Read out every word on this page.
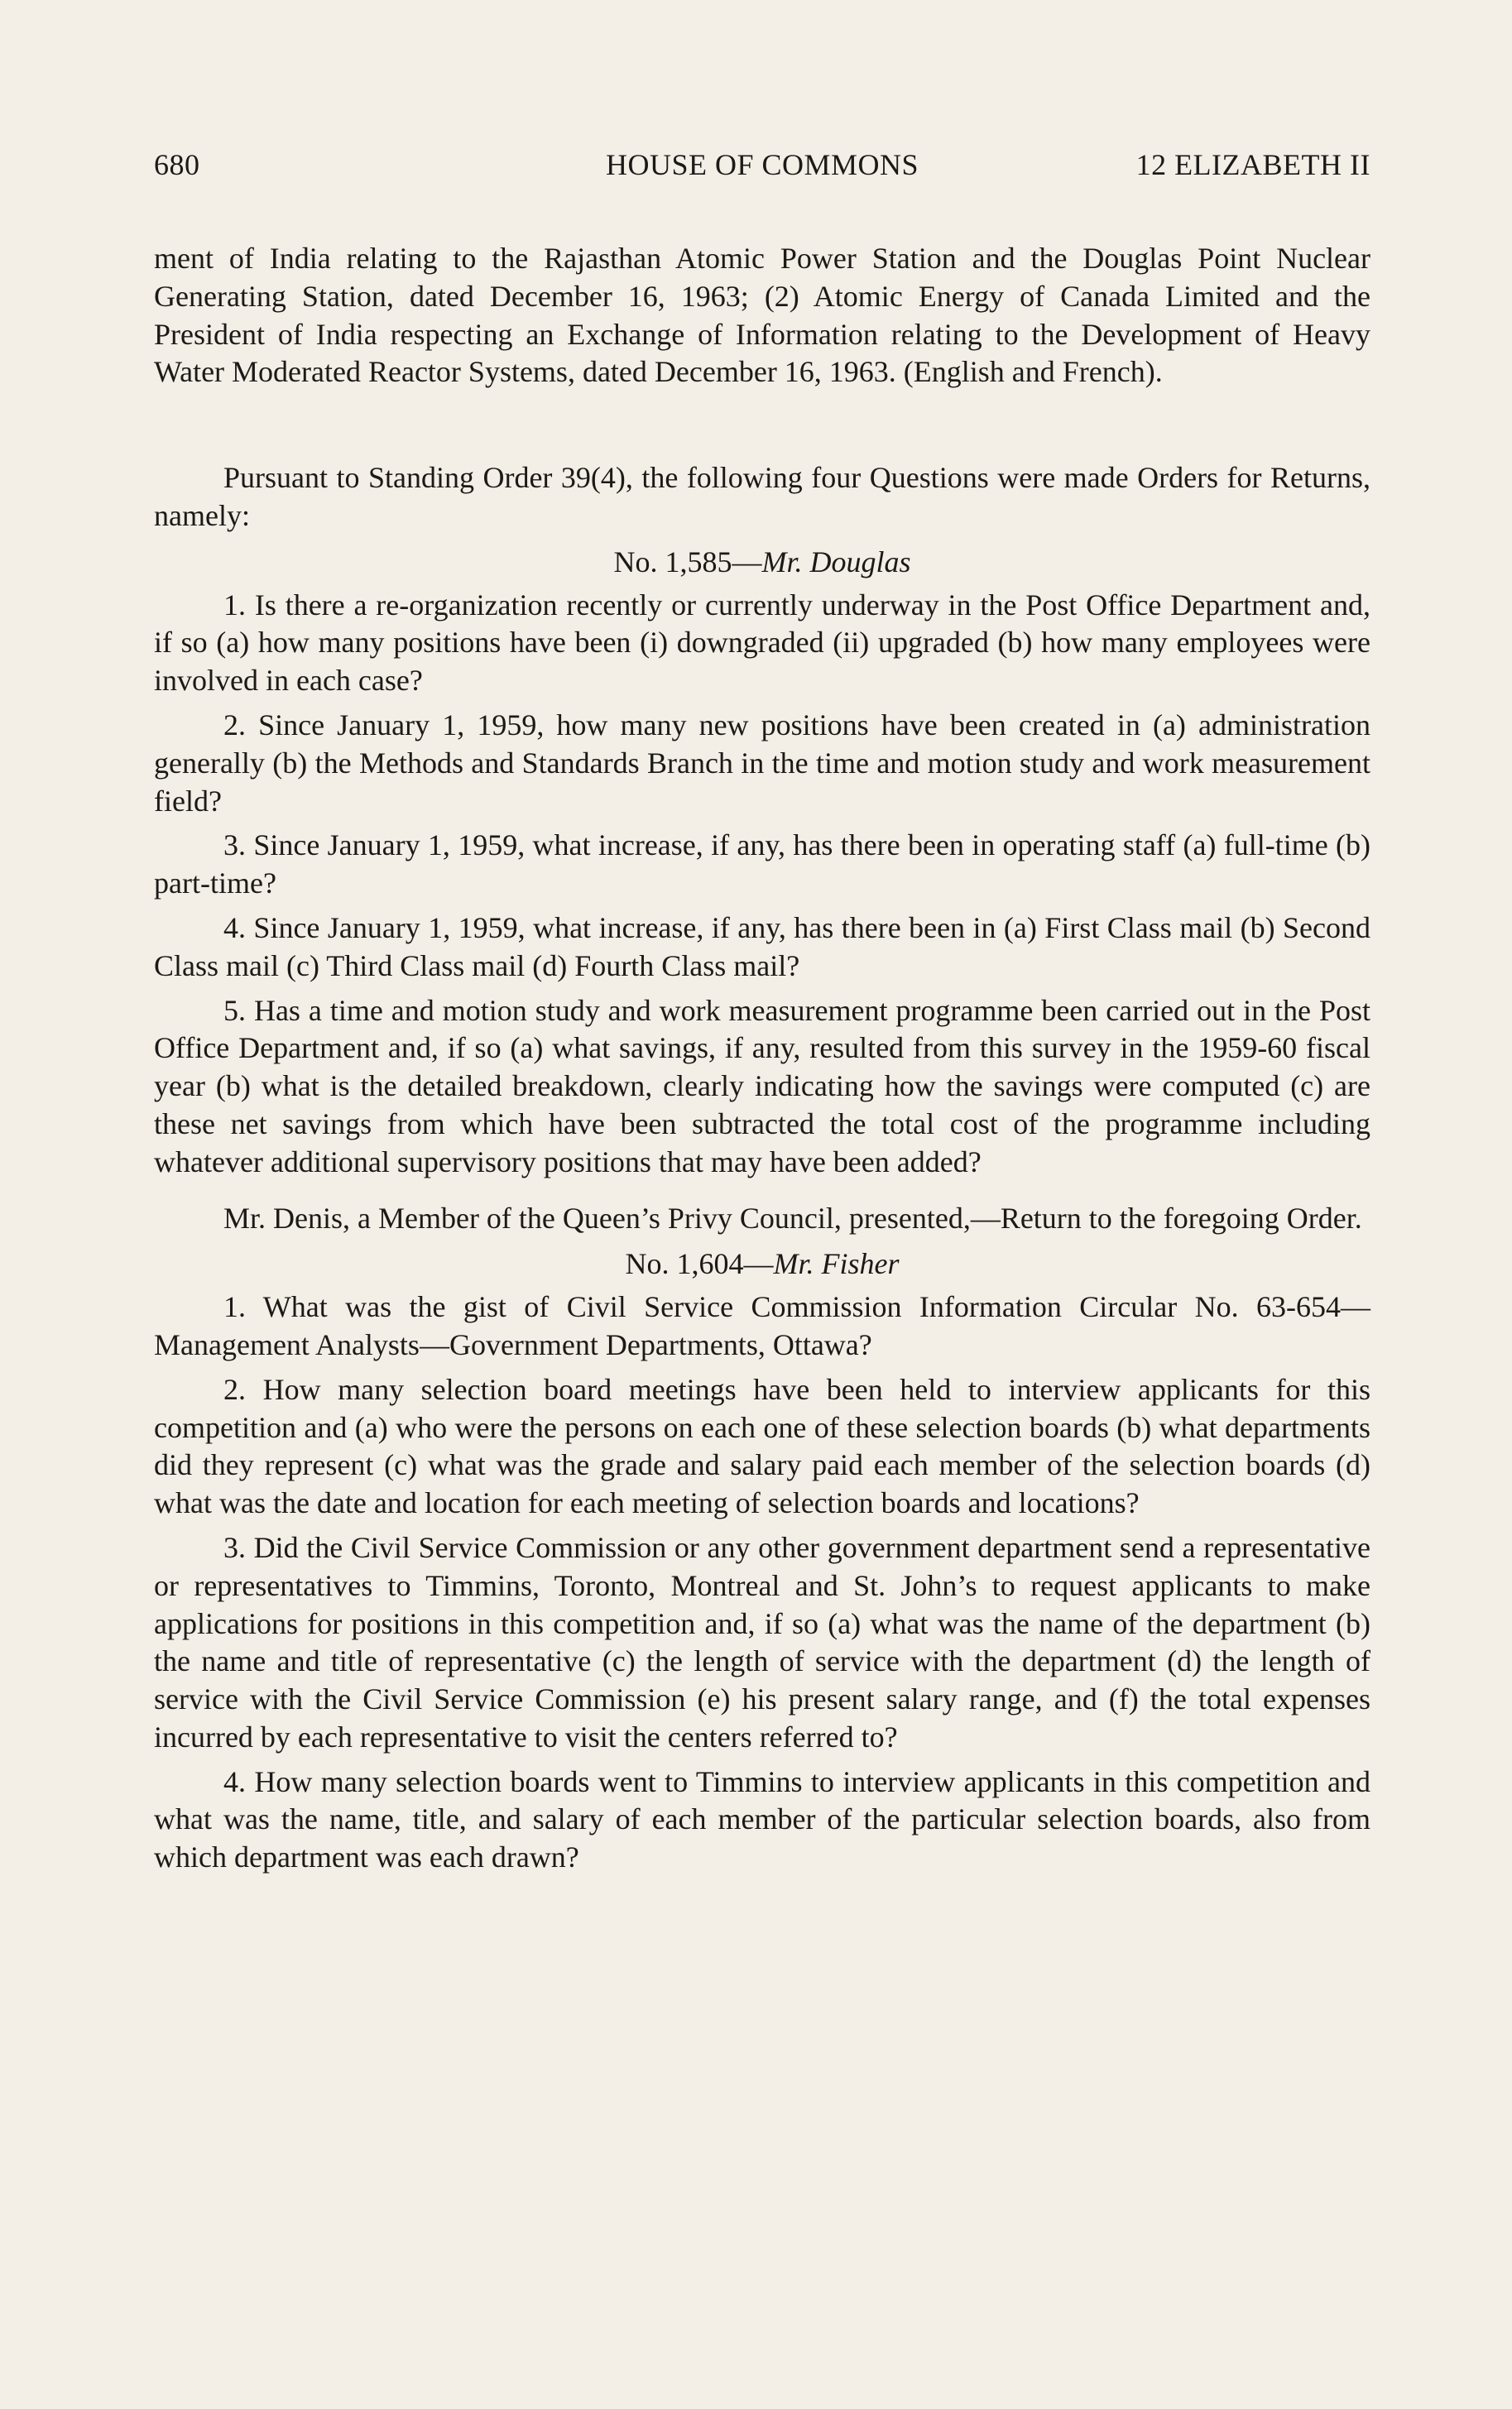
680	HOUSE OF COMMONS	12 ELIZABETH II

ment of India relating to the Rajasthan Atomic Power Station and the Douglas Point Nuclear Generating Station, dated December 16, 1963; (2) Atomic Energy of Canada Limited and the President of India respecting an Exchange of Information relating to the Development of Heavy Water Moderated Reactor Systems, dated December 16, 1963. (English and French).

Pursuant to Standing Order 39(4), the following four Questions were made Orders for Returns, namely:

No. 1,585—Mr. Douglas

1. Is there a re-organization recently or currently underway in the Post Office Department and, if so (a) how many positions have been (i) downgraded (ii) upgraded (b) how many employees were involved in each case?

2. Since January 1, 1959, how many new positions have been created in (a) administration generally (b) the Methods and Standards Branch in the time and motion study and work measurement field?

3. Since January 1, 1959, what increase, if any, has there been in operating staff (a) full-time (b) part-time?

4. Since January 1, 1959, what increase, if any, has there been in (a) First Class mail (b) Second Class mail (c) Third Class mail (d) Fourth Class mail?

5. Has a time and motion study and work measurement programme been carried out in the Post Office Department and, if so (a) what savings, if any, resulted from this survey in the 1959-60 fiscal year (b) what is the detailed breakdown, clearly indicating how the savings were computed (c) are these net savings from which have been subtracted the total cost of the programme including whatever additional supervisory positions that may have been added?

Mr. Denis, a Member of the Queen’s Privy Council, presented,—Return to the foregoing Order.

No. 1,604—Mr. Fisher

1. What was the gist of Civil Service Commission Information Circular No. 63-654—Management Analysts—Government Departments, Ottawa?

2. How many selection board meetings have been held to interview applicants for this competition and (a) who were the persons on each one of these selection boards (b) what departments did they represent (c) what was the grade and salary paid each member of the selection boards (d) what was the date and location for each meeting of selection boards and locations?

3. Did the Civil Service Commission or any other government department send a representative or representatives to Timmins, Toronto, Montreal and St. John’s to request applicants to make applications for positions in this competition and, if so (a) what was the name of the department (b) the name and title of representative (c) the length of service with the department (d) the length of service with the Civil Service Commission (e) his present salary range, and (f) the total expenses incurred by each representative to visit the centers referred to?

4. How many selection boards went to Timmins to interview applicants in this competition and what was the name, title, and salary of each member of the particular selection boards, also from which department was each drawn?
